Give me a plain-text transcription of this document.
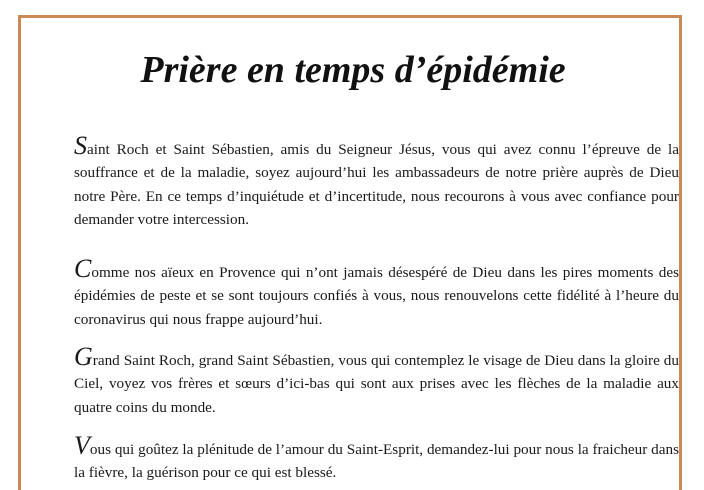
Prière en temps d’épidémie

Saint Roch et Saint Sébastien, amis du Seigneur Jésus, vous qui avez connu l’épreuve de la souffrance et de la maladie, soyez aujourd’hui les ambassadeurs de notre prière auprès de Dieu notre Père. En ce temps d’inquiétude et d’incertitude, nous recourons à vous avec confiance pour demander votre intercession.

Comme nos aïeux en Provence qui n’ont jamais désespéré de Dieu dans les pires moments des épidémies de peste et se sont toujours confiés à vous, nous renouvelons cette fidélité à l’heure du coronavirus qui nous frappe aujourd’hui.

Grand Saint Roch, grand Saint Sébastien, vous qui contemplez le visage de Dieu dans la gloire du Ciel, voyez vos frères et sœurs d’ici-bas qui sont aux prises avec les flèches de la maladie aux quatre coins du monde.

Vous qui goûtez la plénitude de l’amour du Saint-Esprit, demandez-lui pour nous la fraicheur dans la fièvre, la guérison pour ce qui est blessé.
